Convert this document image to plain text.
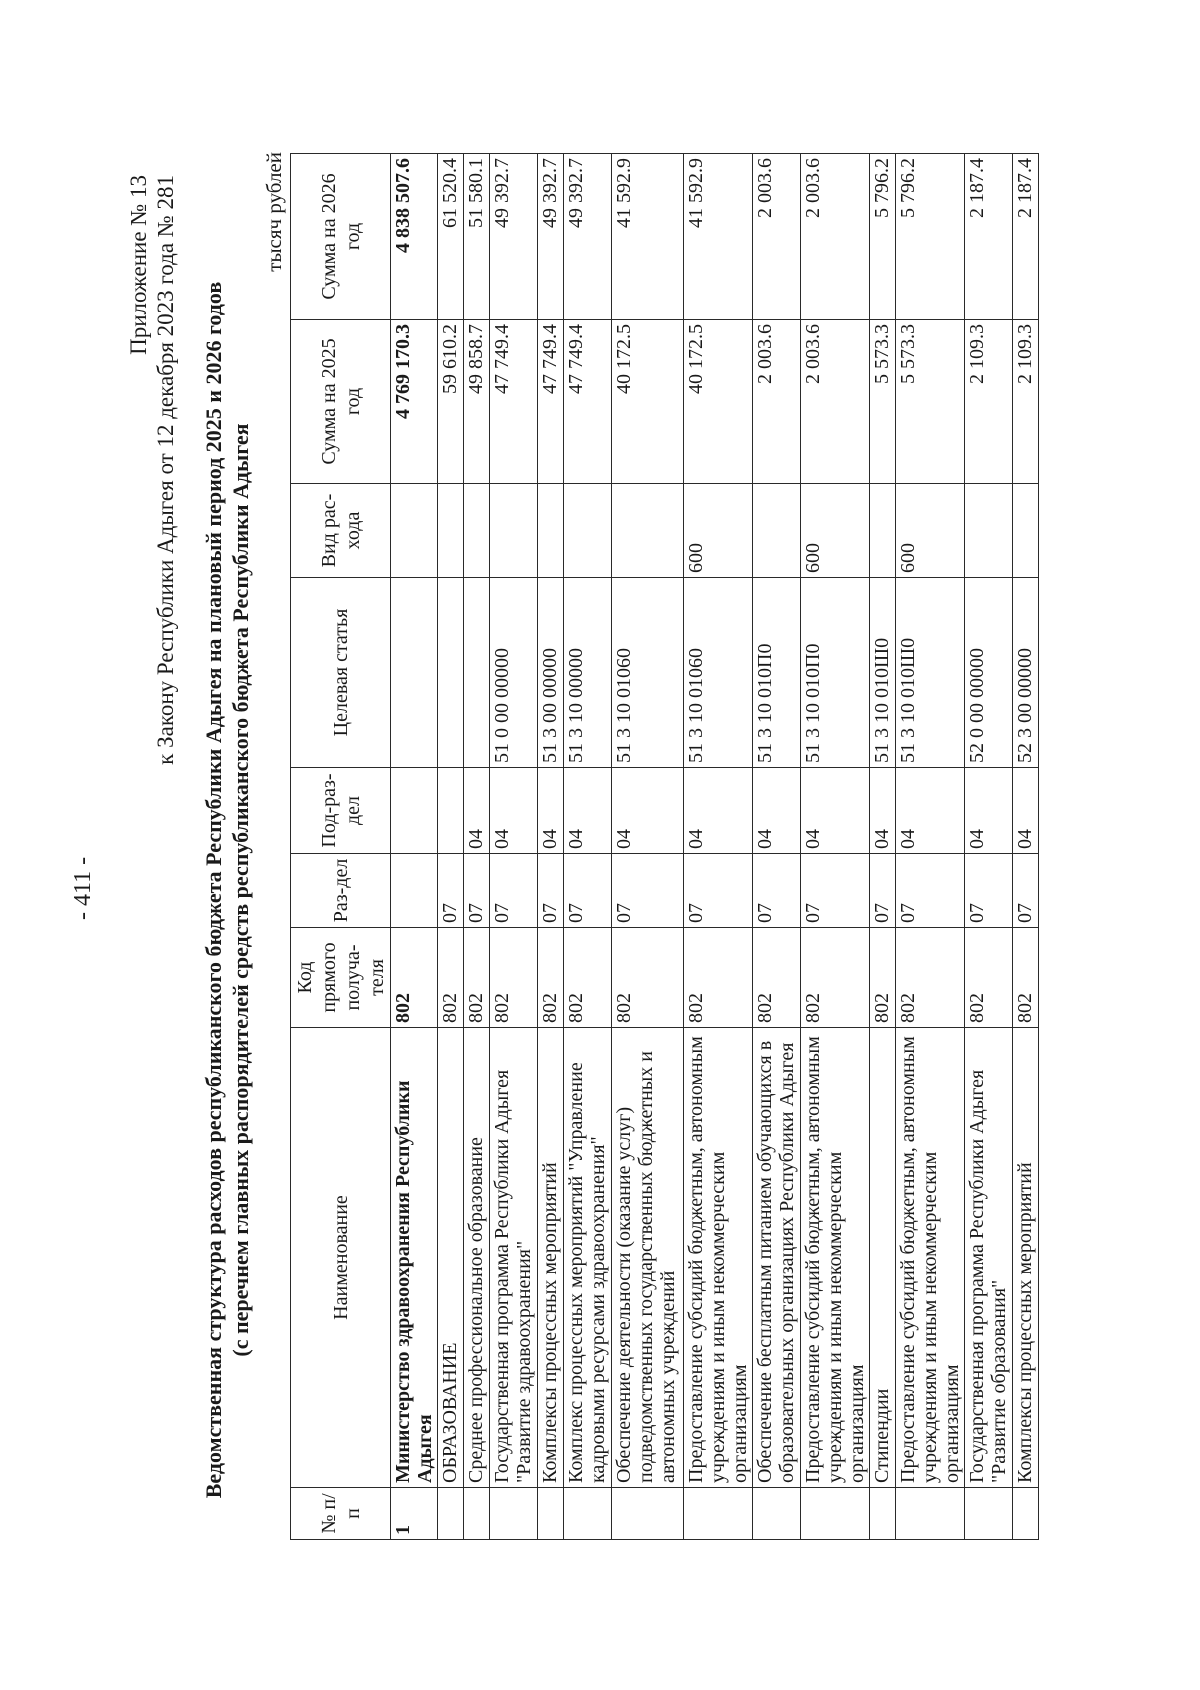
- 411 -
Приложение № 13 к Закону Республики Адыгея от 12 декабря 2023 года № 281 Ведомственная структура расходов республиканского бюджета Республики Адыгея на плановый период 2025 и 2026 годов (с перечнем главных распорядителей средств республиканского бюджета Республики Адыгея
тысяч рублей
№ п/п	Наименование	Код прямого получа-теля	Раз-дел	Под-раз-дел	Целевая статья	Вид рас-хода	Сумма на 2025 год	Сумма на 2026 год
1	Министерство здравоохранения Республики Адыгея	802					4 769 170.3	4 838 507.6
	ОБРАЗОВАНИЕ	802	07				59 610.2	61 520.4
	Среднее профессиональное образование	802	07	04			49 858.7	51 580.1
	Государственная программа Республики Адыгея "Развитие здравоохранения"	802	07	04	51 0 00 00000		47 749.4	49 392.7
	Комплексы процессных мероприятий	802	07	04	51 3 00 00000		47 749.4	49 392.7
	Комплекс процессных мероприятий "Управление кадровыми ресурсами здравоохранения"	802	07	04	51 3 10 00000		47 749.4	49 392.7
	Обеспечение деятельности (оказание услуг) подведомственных государственных бюджетных и автономных учреждений	802	07	04	51 3 10 01060		40 172.5	41 592.9
	Предоставление субсидий бюджетным, автономным учреждениям и иным некоммерческим организациям	802	07	04	51 3 10 01060	600	40 172.5	41 592.9
	Обеспечение бесплатным питанием обучающихся в образовательных организациях Республики Адыгея	802	07	04	51 3 10 010П0		2 003.6	2 003.6
	Предоставление субсидий бюджетным, автономным учреждениям и иным некоммерческим организациям	802	07	04	51 3 10 010П0	600	2 003.6	2 003.6
	Стипендии	802	07	04	51 3 10 010Ш0		5 573.3	5 796.2
	Предоставление субсидий бюджетным, автономным учреждениям и иным некоммерческим организациям	802	07	04	51 3 10 010Ш0	600	5 573.3	5 796.2
	Государственная программа Республики Адыгея "Развитие образования"	802	07	04	52 0 00 00000		2 109.3	2 187.4
	Комплексы процессных мероприятий	802	07	04	52 3 00 00000		2 109.3	2 187.4
